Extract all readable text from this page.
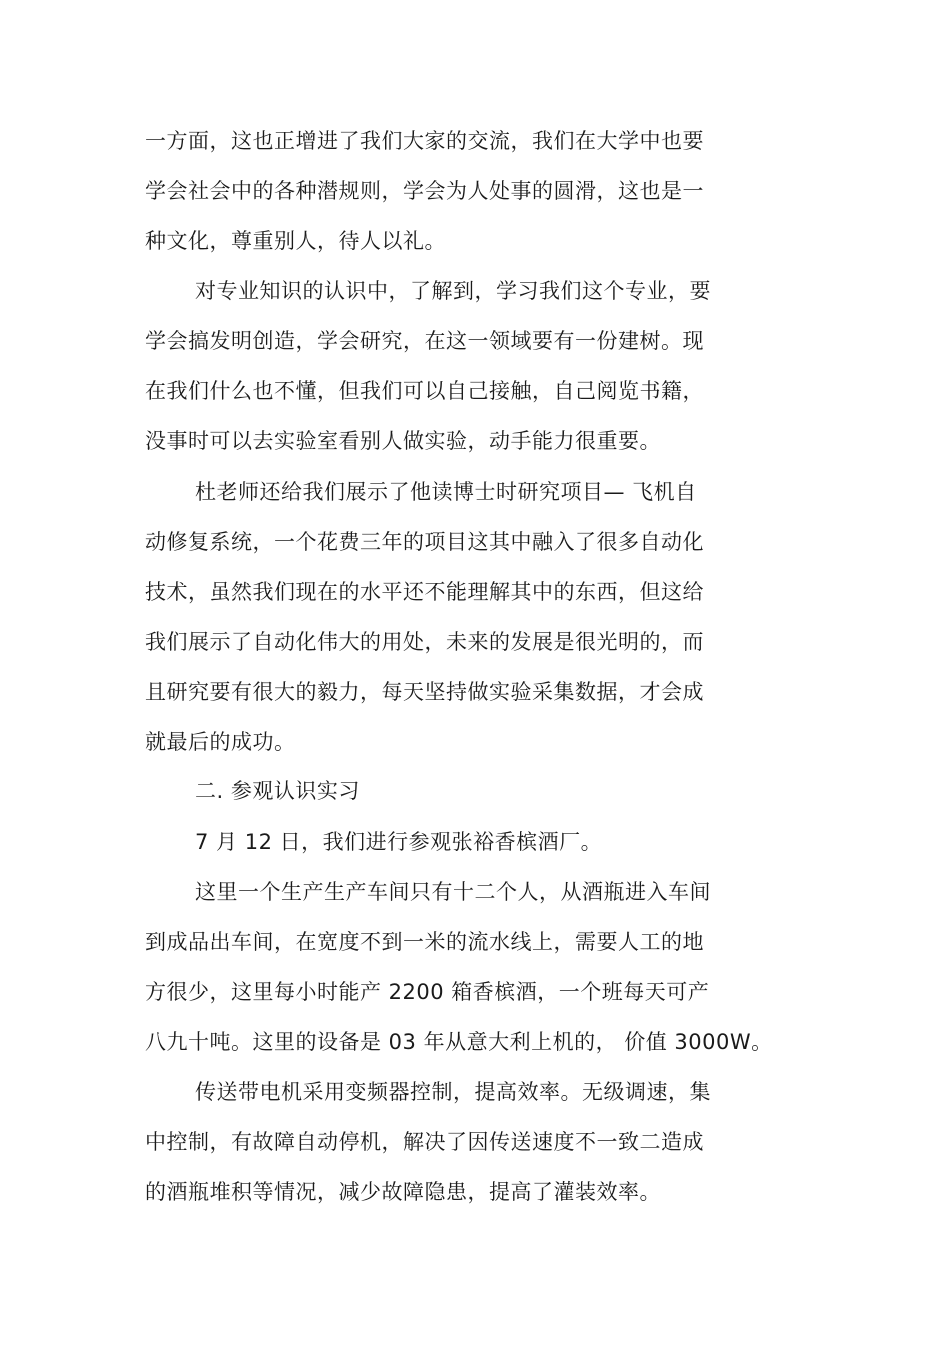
一方面，这也正增进了我们大家的交流，我们在大学中也要
学会社会中的各种潜规则，学会为人处事的圆滑，这也是一
种文化，尊重别人，待人以礼。
对专业知识的认识中，了解到，学习我们这个专业，要
学会搞发明创造，学会研究，在这一领域要有一份建树。现
在我们什么也不懂，但我们可以自己接触，自己阅览书籍，
没事时可以去实验室看别人做实验，动手能力很重要。
杜老师还给我们展示了他读博士时研究项目— 飞机自
动修复系统，一个花费三年的项目这其中融入了很多自动化
技术，虽然我们现在的水平还不能理解其中的东西，但这给
我们展示了自动化伟大的用处，未来的发展是很光明的，而
且研究要有很大的毅力，每天坚持做实验采集数据，才会成
就最后的成功。
二. 参观认识实习
7 月 12 日，我们进行参观张裕香槟酒厂。
这里一个生产生产车间只有十二个人，从酒瓶进入车间
到成品出车间，在宽度不到一米的流水线上，需要人工的地
方很少，这里每小时能产 2200 箱香槟酒，一个班每天可产
八九十吨。这里的设备是 03 年从意大利上机的， 价值 3000W。
传送带电机采用变频器控制，提高效率。无级调速，集
中控制，有故障自动停机，解决了因传送速度不一致二造成
的酒瓶堆积等情况，减少故障隐患，提高了灌装效率。
